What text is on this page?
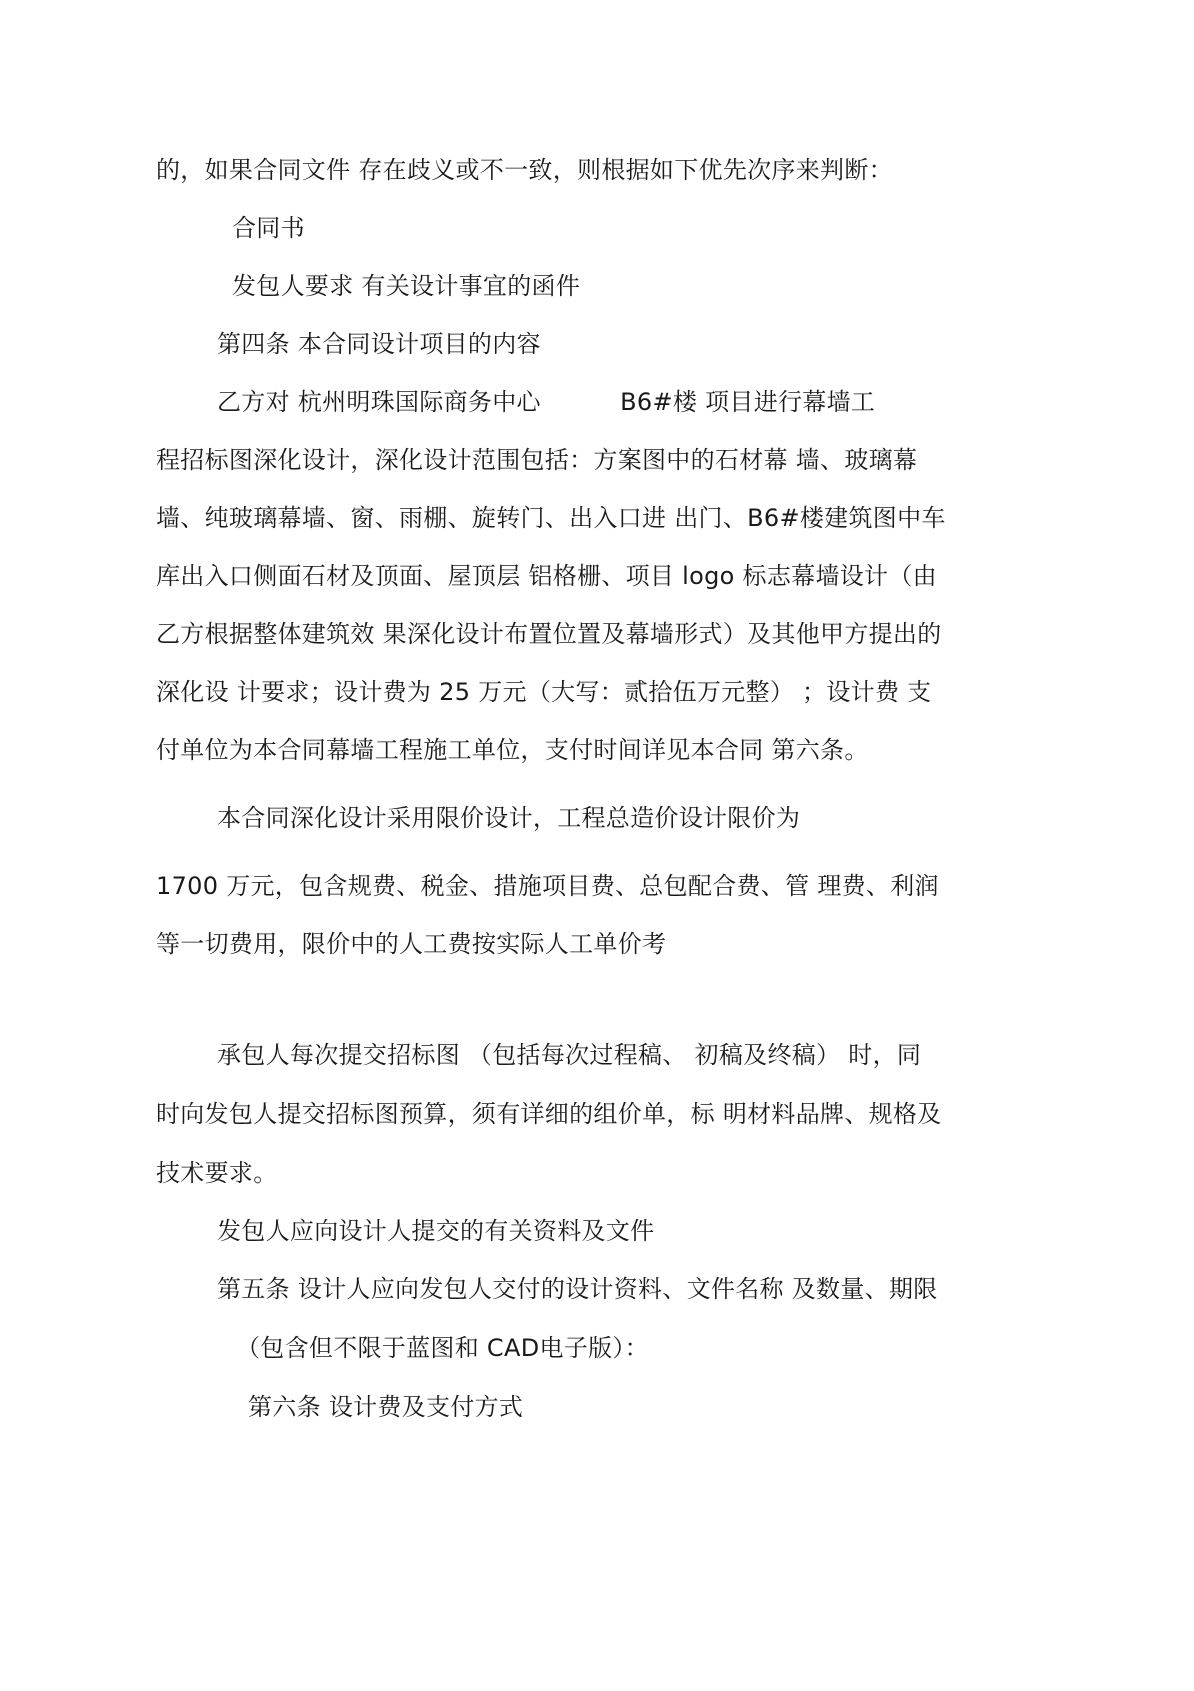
的，如果合同文件 存在歧义或不一致，则根据如下优先次序来判断：

合同书

发包人要求 有关设计事宜的函件

第四条 本合同设计项目的内容

乙方对 杭州明珠国际商务中心          B6#楼 项目进行幕墙工

程招标图深化设计，深化设计范围包括：方案图中的石材幕 墙、玻璃幕

墙、纯玻璃幕墙、窗、雨棚、旋转门、出入口进 出门、B6#楼建筑图中车

库出入口侧面石材及顶面、屋顶层 铝格栅、项目 logo 标志幕墙设计（由

乙方根据整体建筑效 果深化设计布置位置及幕墙形式）及其他甲方提出的

深化设 计要求；设计费为 25 万元（大写：贰拾伍万元整） ；设计费 支

付单位为本合同幕墙工程施工单位，支付时间详见本合同 第六条。

本合同深化设计采用限价设计，工程总造价设计限价为

1700 万元，包含规费、税金、措施项目费、总包配合费、管 理费、利润

等一切费用，限价中的人工费按实际人工单价考

承包人每次提交招标图 （包括每次过程稿、 初稿及终稿） 时，同

时向发包人提交招标图预算，须有详细的组价单，标 明材料品牌、规格及

技术要求。

发包人应向设计人提交的有关资料及文件

第五条 设计人应向发包人交付的设计资料、文件名称 及数量、期限

（包含但不限于蓝图和 CAD电子版）：

第六条 设计费及支付方式
